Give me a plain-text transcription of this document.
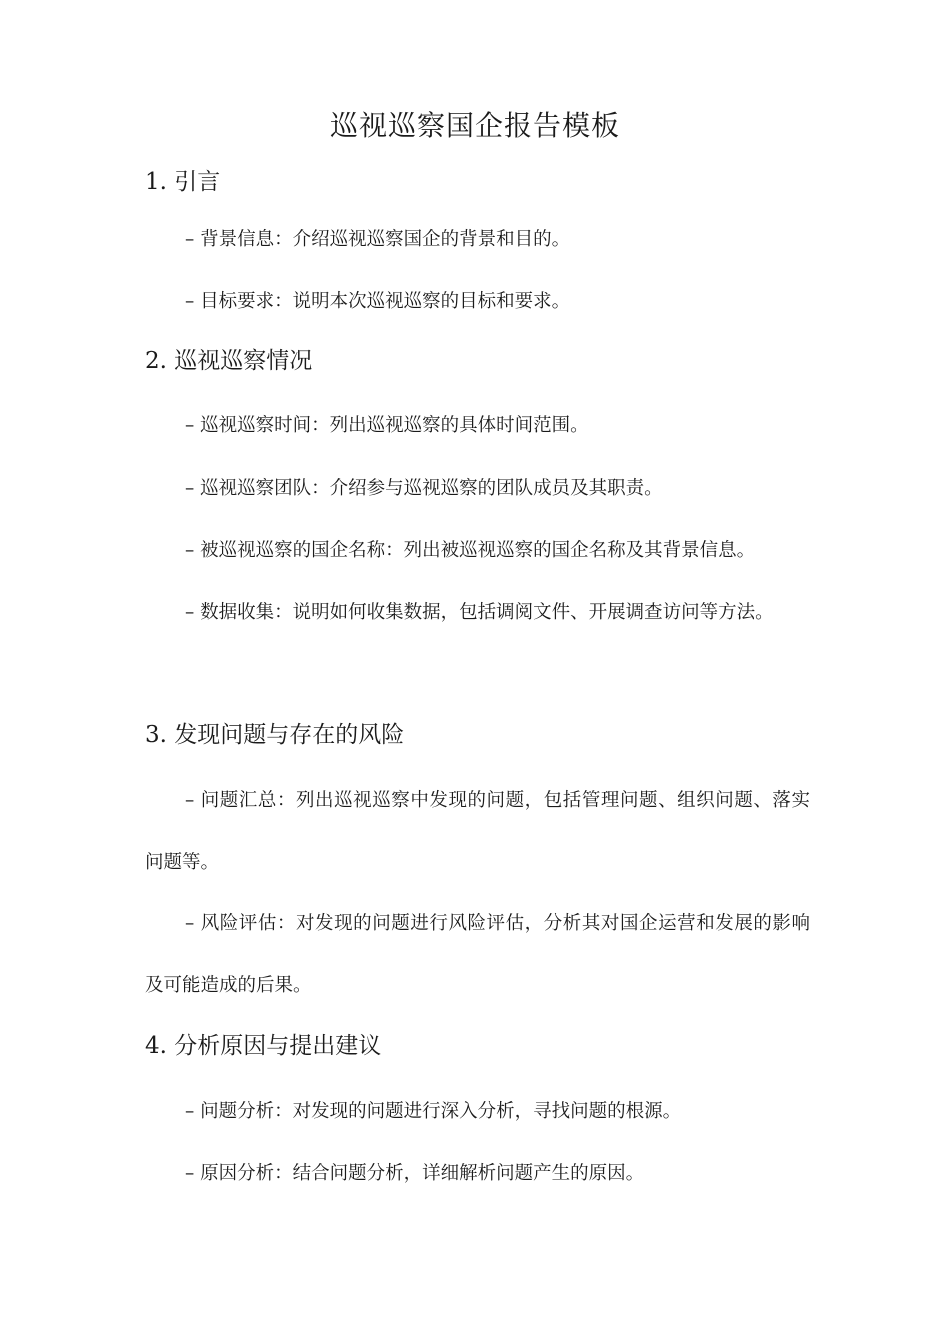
巡视巡察国企报告模板
1. 引言
– 背景信息：介绍巡视巡察国企的背景和目的。
– 目标要求：说明本次巡视巡察的目标和要求。
2. 巡视巡察情况
– 巡视巡察时间：列出巡视巡察的具体时间范围。
– 巡视巡察团队：介绍参与巡视巡察的团队成员及其职责。
– 被巡视巡察的国企名称：列出被巡视巡察的国企名称及其背景信息。
– 数据收集：说明如何收集数据，包括调阅文件、开展调查访问等方法。
3. 发现问题与存在的风险
– 问题汇总：列出巡视巡察中发现的问题，包括管理问题、组织问题、落实问题等。
– 风险评估：对发现的问题进行风险评估，分析其对国企运营和发展的影响及可能造成的后果。
4. 分析原因与提出建议
– 问题分析：对发现的问题进行深入分析，寻找问题的根源。
– 原因分析：结合问题分析，详细解析问题产生的原因。
